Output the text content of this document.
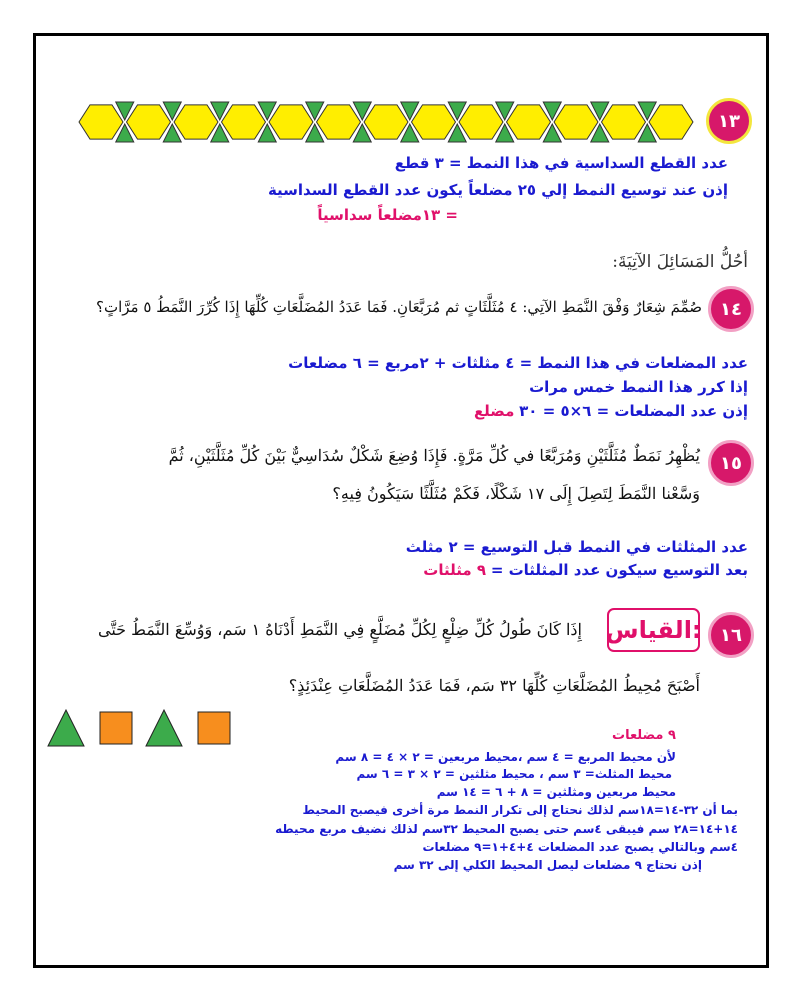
١٣
عدد القطع السداسية في هذا النمط = ٣ قطع
إذن عند توسيع النمط إلي ٢٥ مضلعاً يكون عدد القطع السداسية
= ١٣مضلعاً سداسياً
أحُلُّ المَسَائِلَ الآتِيَةَ:
١٤
صُمِّمَ شِعَارٌ وَفْقَ النَّمَطِ الآتِي: ٤ مُثَلَّثَاتٍ ثم مُرَبَّعَانِ. فَمَا عَدَدُ المُضَلَّعَاتِ كُلِّهَا إِذَا كُرِّرَ النَّمَطُ ٥ مَرَّاتٍ؟
عدد المضلعات في هذا النمط = ٤ مثلثات + ٢مربع = ٦ مضلعات
إذا كرر هذا النمط خمس مرات
إذن عدد المضلعات = ٦×٥ = ٣٠ مضلع
١٥
يُظْهِرُ نَمَطٌ مُثَلَّثَيْنِ وَمُرَبَّعًا في كُلِّ مَرَّةٍ. فَإِذَا وُضِعَ شَكْلٌ سُدَاسِيٌّ بَيْنَ كُلِّ مُثَلَّثَيْنِ، ثُمَّ
وَسَّعْنا النَّمَطَ لِتَصِلَ إِلَى ١٧ شَكْلًا، فَكَمْ مُثَلَّثًا سَيَكُونُ فِيهِ؟
عدد المثلثات في النمط قبل التوسيع = ٢ مثلث
بعد التوسيع سيكون عدد المثلثات = ٩ مثلثات
١٦
القياس:
إِذَا كَانَ طُولُ كُلِّ ضِلْعٍ لِكُلِّ مُضَلَّعٍ فِي النَّمَطِ أَدْنَاهُ ١ سَم، وَوُسِّعَ النَّمَطُ حَتَّى
أَصْبَحَ مُحِيطُ المُضَلَّعَاتِ كُلِّهَا ٣٢ سَم، فَمَا عَدَدُ المُضَلَّعَاتِ عِنْدَئِذٍ؟
٩ مضلعات
لأن محيط المربع = ٤ سم ،محيط مربعين = ٢ × ٤ = ٨ سم
محيط المثلث= ٣ سم ، محيط مثلثين = ٢ × ٣ = ٦ سم
محيط مربعين ومثلثين = ٨ + ٦ = ١٤ سم
بما أن ٣٢-١٤=١٨سم لذلك نحتاج إلى تكرار النمط مرة أخرى فيصبح المحيط
١٤+١٤=٢٨ سم فيبقى ٤سم حتى يصبح المحيط ٣٢سم لذلك نضيف مربع محيطه
٤سم وبالتالي يصبح عدد المضلعات ٤+٤+١=٩ مضلعات
إذن نحتاج ٩ مضلعات ليصل المحيط الكلي إلى ٣٢ سم
